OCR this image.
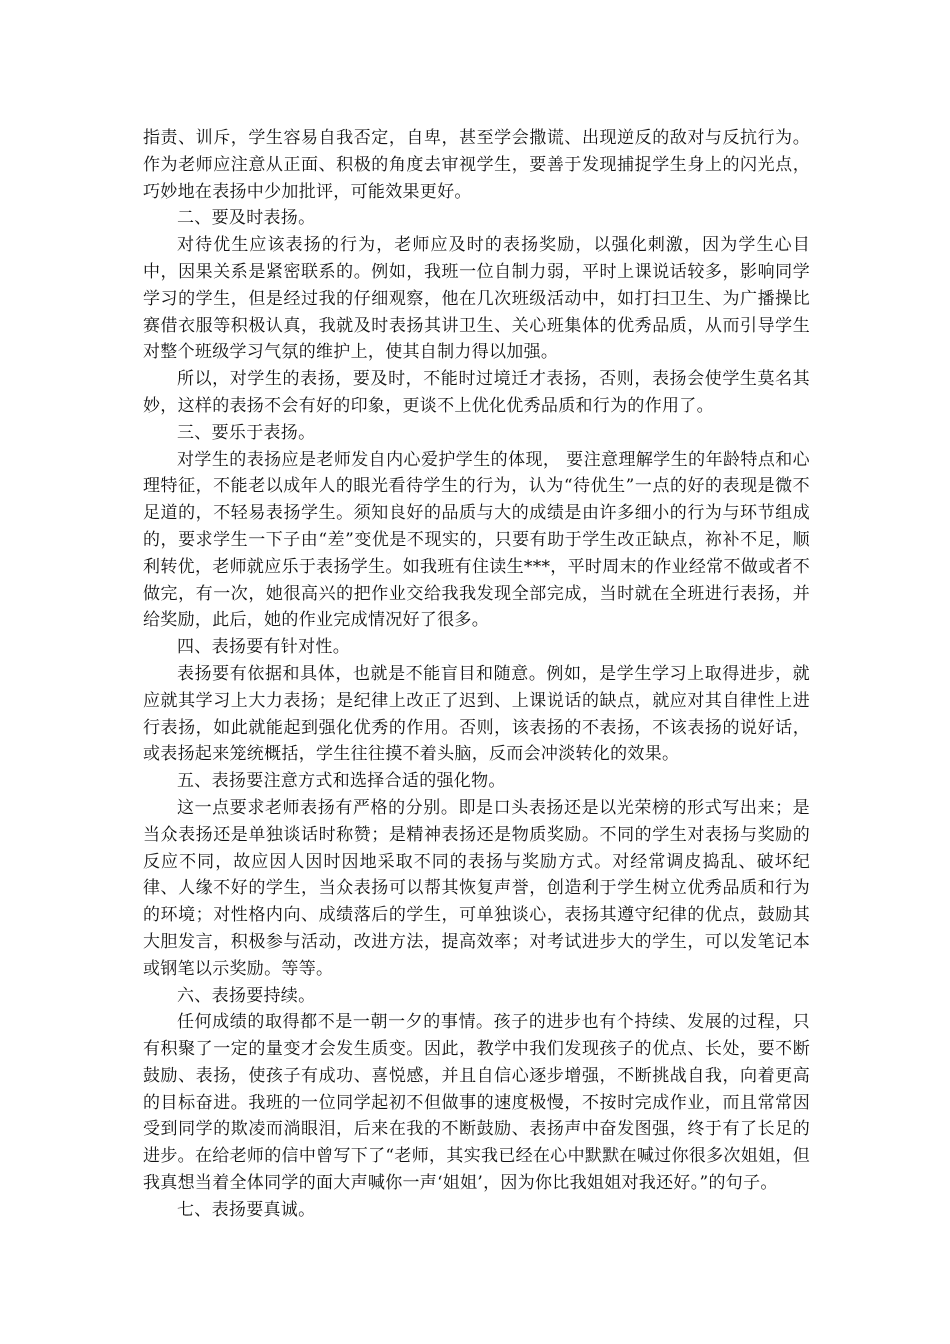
指责、训斥，学生容易自我否定，自卑，甚至学会撒谎、出现逆反的敌对与反抗行为。作为老师应注意从正面、积极的角度去审视学生，要善于发现捕捉学生身上的闪光点，巧妙地在表扬中少加批评，可能效果更好。

二、要及时表扬。

对待优生应该表扬的行为，老师应及时的表扬奖励，以强化刺激，因为学生心目中，因果关系是紧密联系的。例如，我班一位自制力弱，平时上课说话较多，影响同学学习的学生，但是经过我的仔细观察，他在几次班级活动中，如打扫卫生、为广播操比赛借衣服等积极认真，我就及时表扬其讲卫生、关心班集体的优秀品质，从而引导学生对整个班级学习气氛的维护上，使其自制力得以加强。

所以，对学生的表扬，要及时，不能时过境迁才表扬，否则，表扬会使学生莫名其妙，这样的表扬不会有好的印象，更谈不上优化优秀品质和行为的作用了。

三、要乐于表扬。

对学生的表扬应是老师发自内心爱护学生的体现， 要注意理解学生的年龄特点和心理特征，不能老以成年人的眼光看待学生的行为，认为“待优生”一点的好的表现是微不足道的，不轻易表扬学生。须知良好的品质与大的成绩是由许多细小的行为与环节组成的，要求学生一下子由“差”变优是不现实的，只要有助于学生改正缺点，祢补不足，顺利转优，老师就应乐于表扬学生。如我班有住读生***，平时周末的作业经常不做或者不做完，有一次，她很高兴的把作业交给我我发现全部完成，当时就在全班进行表扬，并给奖励，此后，她的作业完成情况好了很多。

四、表扬要有针对性。

表扬要有依据和具体，也就是不能盲目和随意。例如，是学生学习上取得进步，就应就其学习上大力表扬；是纪律上改正了迟到、上课说话的缺点，就应对其自律性上进行表扬，如此就能起到强化优秀的作用。否则，该表扬的不表扬，不该表扬的说好话，或表扬起来笼统概括，学生往往摸不着头脑，反而会冲淡转化的效果。

五、表扬要注意方式和选择合适的强化物。

这一点要求老师表扬有严格的分别。即是口头表扬还是以光荣榜的形式写出来；是当众表扬还是单独谈话时称赞；是精神表扬还是物质奖励。不同的学生对表扬与奖励的反应不同，故应因人因时因地采取不同的表扬与奖励方式。对经常调皮捣乱、破坏纪律、人缘不好的学生，当众表扬可以帮其恢复声誉，创造利于学生树立优秀品质和行为的环境；对性格内向、成绩落后的学生，可单独谈心，表扬其遵守纪律的优点，鼓励其大胆发言，积极参与活动，改进方法，提高效率；对考试进步大的学生，可以发笔记本或钢笔以示奖励。等等。

六、表扬要持续。

任何成绩的取得都不是一朝一夕的事情。孩子的进步也有个持续、发展的过程，只有积聚了一定的量变才会发生质变。因此，教学中我们发现孩子的优点、长处，要不断鼓励、表扬，使孩子有成功、喜悦感，并且自信心逐步增强，不断挑战自我，向着更高的目标奋进。我班的一位同学起初不但做事的速度极慢，不按时完成作业，而且常常因受到同学的欺凌而淌眼泪，后来在我的不断鼓励、表扬声中奋发图强，终于有了长足的进步。在给老师的信中曾写下了“老师，其实我已经在心中默默在喊过你很多次姐姐，但我真想当着全体同学的面大声喊你一声‘姐姐’，因为你比我姐姐对我还好。”的句子。

七、表扬要真诚。
